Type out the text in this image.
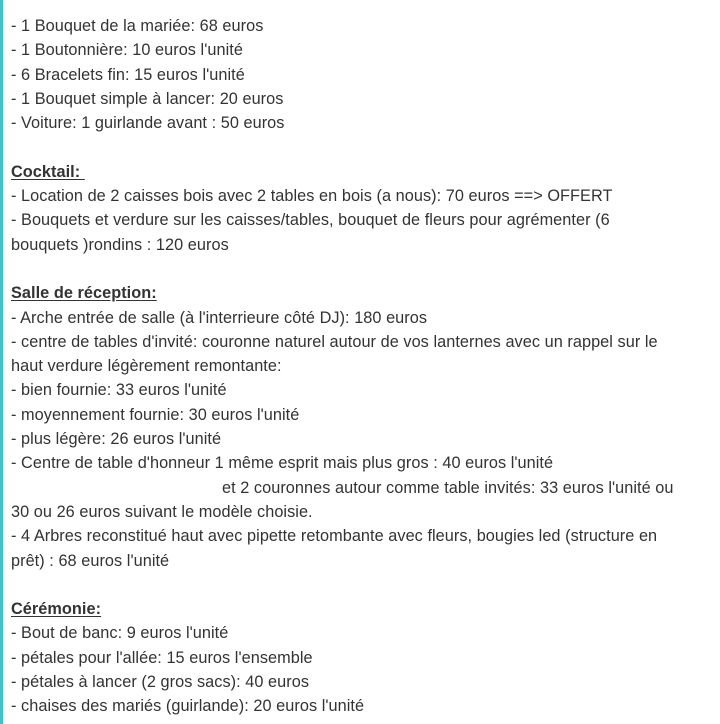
- 1 Bouquet de la mariée: 68 euros
- 1 Boutonnière: 10 euros l'unité
- 6 Bracelets fin: 15 euros l'unité
- 1 Bouquet simple à lancer: 20 euros
- Voiture: 1 guirlande avant : 50 euros
Cocktail:
- Location de 2 caisses bois avec 2 tables en bois (a nous): 70 euros ==> OFFERT
- Bouquets et verdure sur les caisses/tables, bouquet de fleurs pour agrémenter (6
bouquets )rondins : 120 euros
Salle de réception:
- Arche entrée de salle (à l'interrieure côté DJ): 180 euros
- centre de tables d'invité: couronne naturel autour de vos lanternes avec un rappel sur le
haut verdure légèrement remontante:
- bien fournie: 33 euros l'unité
- moyennement fournie: 30 euros l'unité
- plus légère: 26 euros l'unité
- Centre de table d'honneur 1 même esprit mais plus gros : 40 euros l'unité
et 2 couronnes autour comme table invités: 33 euros l'unité ou
30 ou 26 euros suivant le modèle choisie.
- 4 Arbres reconstitué haut avec pipette retombante avec fleurs, bougies led (structure en
prêt) : 68 euros l'unité
Cérémonie:
- Bout de banc: 9 euros l'unité
- pétales pour l'allée: 15 euros l'ensemble
- pétales à lancer (2 gros sacs): 40 euros
- chaises des mariés (guirlande): 20 euros l'unité
